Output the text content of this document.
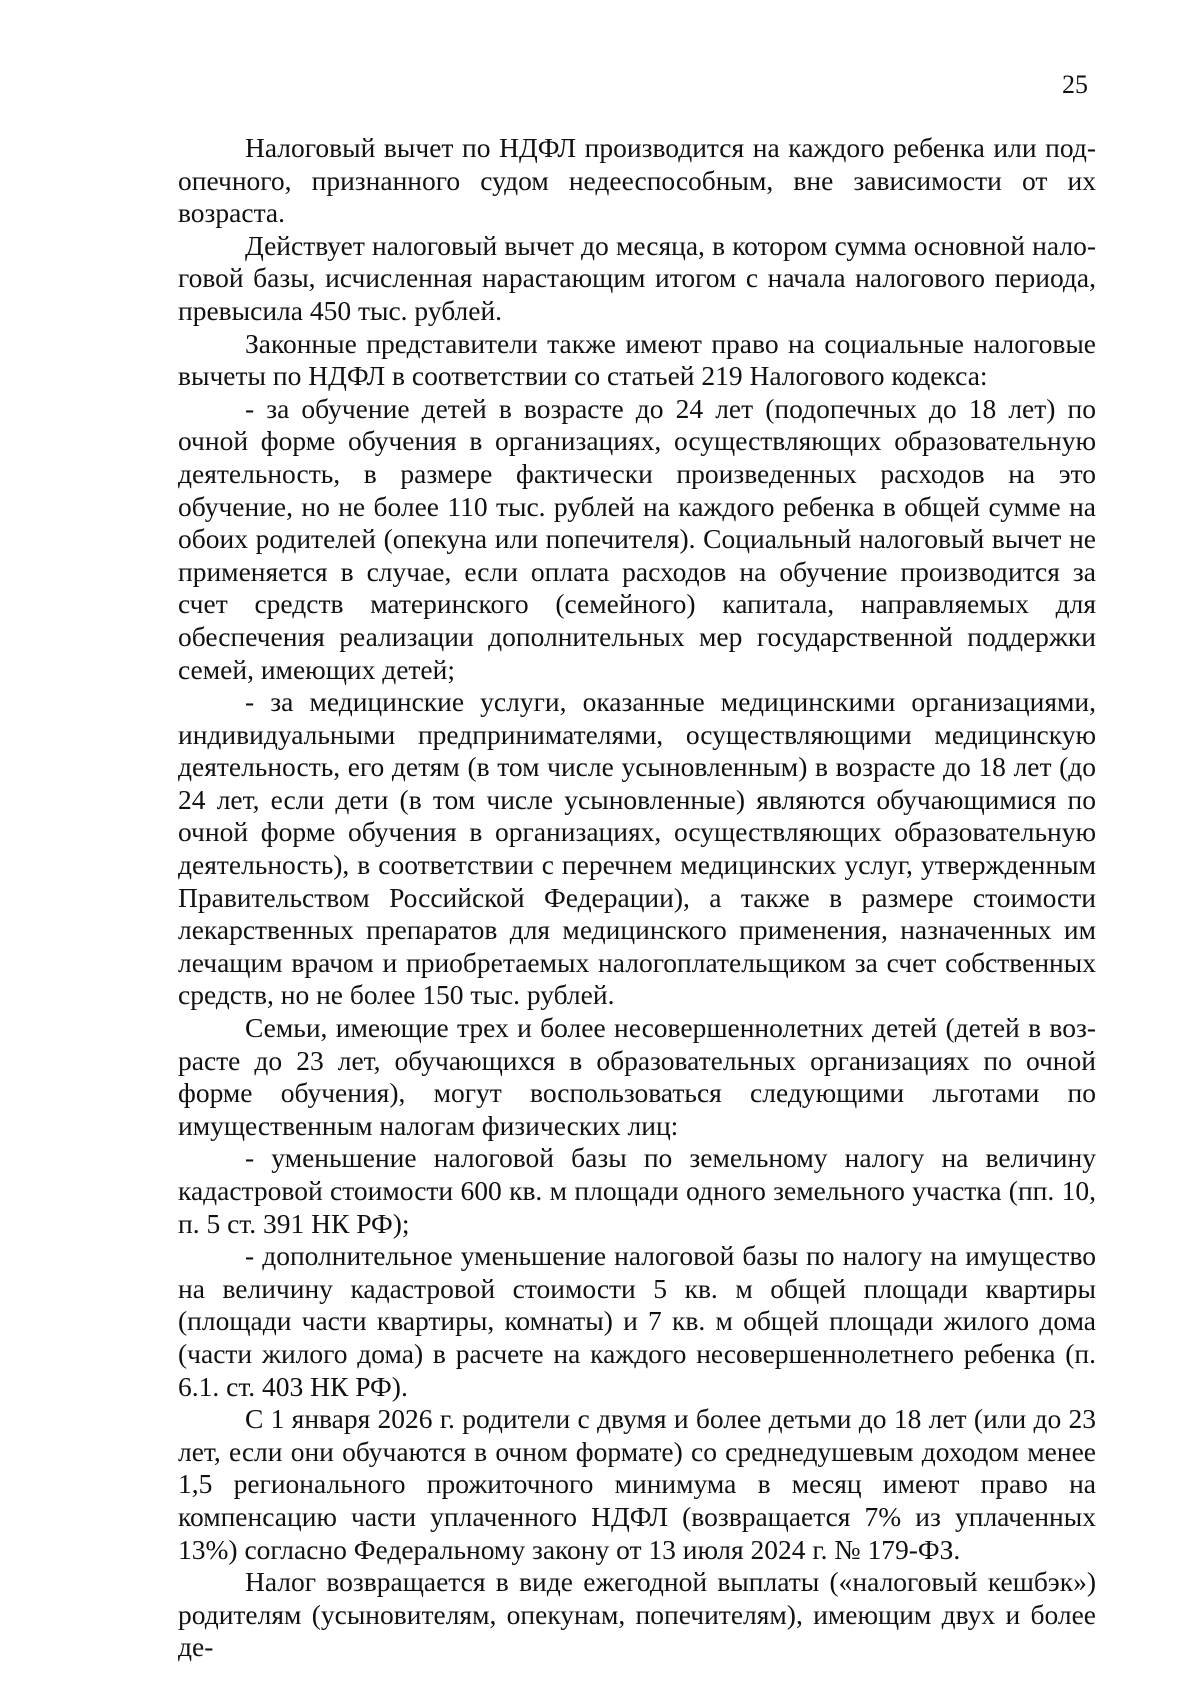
25

Налоговый вычет по НДФЛ производится на каждого ребенка или подопечного, признанного судом недееспособным, вне зависимости от их возраста.

Действует налоговый вычет до месяца, в котором сумма основной налоговой базы, исчисленная нарастающим итогом с начала налогового периода, превысила 450 тыс. рублей.

Законные представители также имеют право на социальные налоговые вычеты по НДФЛ в соответствии со статьей 219 Налогового кодекса:

- за обучение детей в возрасте до 24 лет (подопечных до 18 лет) по очной форме обучения в организациях, осуществляющих образовательную деятельность, в размере фактически произведенных расходов на это обучение, но не более 110 тыс. рублей на каждого ребенка в общей сумме на обоих родителей (опекуна или попечителя). Социальный налоговый вычет не применяется в случае, если оплата расходов на обучение производится за счет средств материнского (семейного) капитала, направляемых для обеспечения реализации дополнительных мер государственной поддержки семей, имеющих детей;

- за медицинские услуги, оказанные медицинскими организациями, индивидуальными предпринимателями, осуществляющими медицинскую деятельность, его детям (в том числе усыновленным) в возрасте до 18 лет (до 24 лет, если дети (в том числе усыновленные) являются обучающимися по очной форме обучения в организациях, осуществляющих образовательную деятельность), в соответствии с перечнем медицинских услуг, утвержденным Правительством Российской Федерации), а также в размере стоимости лекарственных препаратов для медицинского применения, назначенных им лечащим врачом и приобретаемых налогоплательщиком за счет собственных средств, но не более 150 тыс. рублей.

Семьи, имеющие трех и более несовершеннолетних детей (детей в возрасте до 23 лет, обучающихся в образовательных организациях по очной форме обучения), могут воспользоваться следующими льготами по имущественным налогам физических лиц:

- уменьшение налоговой базы по земельному налогу на величину кадастровой стоимости 600 кв. м площади одного земельного участка (пп. 10, п. 5 ст. 391 НК РФ);

- дополнительное уменьшение налоговой базы по налогу на имущество на величину кадастровой стоимости 5 кв. м общей площади квартиры (площади части квартиры, комнаты) и 7 кв. м общей площади жилого дома (части жилого дома) в расчете на каждого несовершеннолетнего ребенка (п. 6.1. ст. 403 НК РФ).

С 1 января 2026 г. родители с двумя и более детьми до 18 лет (или до 23 лет, если они обучаются в очном формате) со среднедушевым доходом менее 1,5 регионального прожиточного минимума в месяц имеют право на компенсацию части уплаченного НДФЛ (возвращается 7% из уплаченных 13%) согласно Федеральному закону от 13 июля 2024 г. № 179-ФЗ.

Налог возвращается в виде ежегодной выплаты («налоговый кешбэк») родителям (усыновителям, опекунам, попечителям), имеющим двух и более де-
